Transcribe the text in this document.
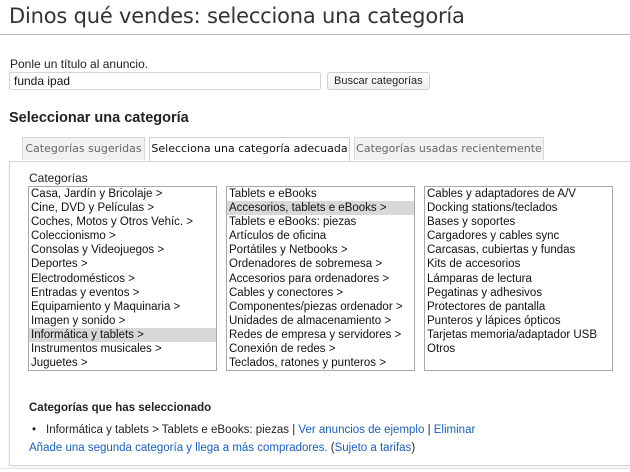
Dinos qué vendes: selecciona una categoría
Ponle un título al anuncio.
funda ipad
Buscar categorías
Seleccionar una categoría
Categorías sugeridas Selecciona una categoría adecuada Categorías usadas recientemente
Categorías
Casa, Jardín y Bricolaje >
Cine, DVD y Películas >
Coches, Motos y Otros Vehíc. >
Coleccionismo >
Consolas y Videojuegos >
Deportes >
Electrodomésticos >
Entradas y eventos >
Equipamiento y Maquinaria >
Imagen y sonido >
Informática y tablets >
Instrumentos musicales >
Juguetes >
Tablets e eBooks
Accesorios, tablets e eBooks >
Tablets e eBooks: piezas
Artículos de oficina
Portátiles y Netbooks >
Ordenadores de sobremesa >
Accesorios para ordenadores >
Cables y conectores >
Componentes/piezas ordenador >
Unidades de almacenamiento >
Redes de empresa y servidores >
Conexión de redes >
Teclados, ratones y punteros >
Cables y adaptadores de A/V
Docking stations/teclados
Bases y soportes
Cargadores y cables sync
Carcasas, cubiertas y fundas
Kits de accesorios
Lámparas de lectura
Pegatinas y adhesivos
Protectores de pantalla
Punteros y lápices ópticos
Tarjetas memoria/adaptador USB
Otros
Categorías que has seleccionado
• Informática y tablets > Tablets e eBooks: piezas | Ver anuncios de ejemplo | Eliminar
Añade una segunda categoría y llega a más compradores. (Sujeto a tarifas)
